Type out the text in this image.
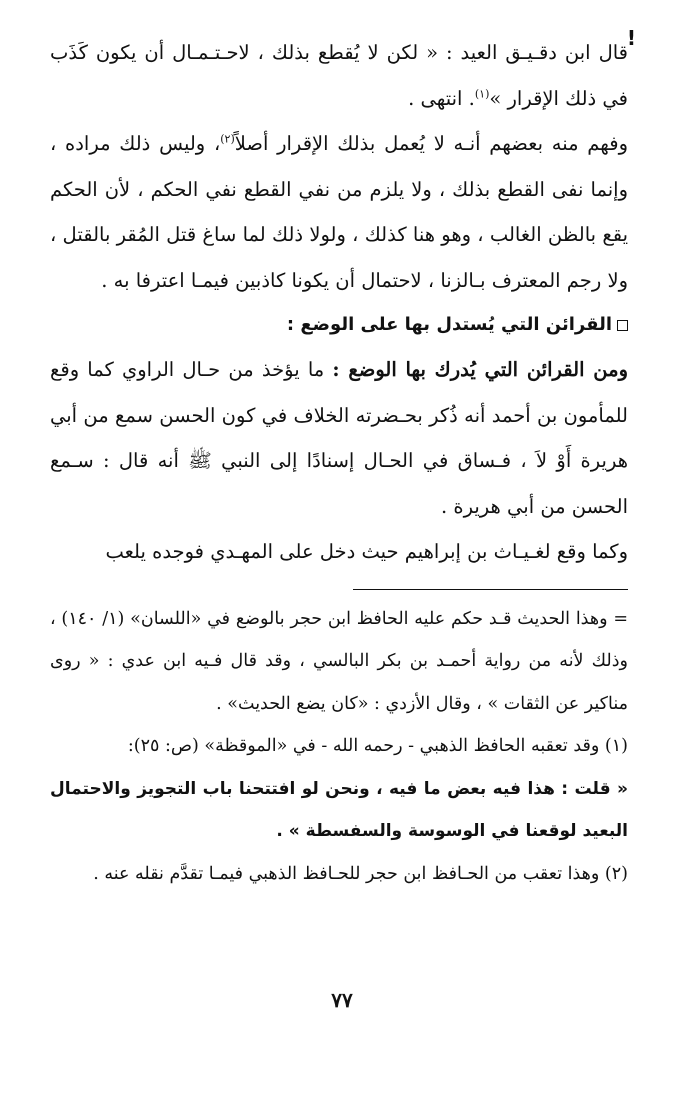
!

قال ابن دقـيـق العيد : « لكن لا يُقطع بذلك ، لاحـتـمـال أن يكون كَذَب في ذلك الإقرار »$^{(١)}$. انتهى .

وفهم منه بعضهم أنـه لا يُعمل بذلك الإقرار أصلاً$^{(٢)}$، وليس ذلك مراده ، وإنما نفى القطع بذلك ، ولا يلزم من نفي القطع نفي الحكم ، لأن الحكم يقع بالظن الغالب ، وهو هنا كذلك ، ولولا ذلك لما ساغ قتل المُقر بالقتل ، ولا رجم المعترف بـالزنا ، لاحتمال أن يكونا كاذبين فيمـا اعترفا به .

القرائن التي يُستدل بها على الوضع :

ومن القرائن التي يُدرك بها الوضع : ما يؤخذ من حـال الراوي كما وقع للمأمون بن أحمد أنه ذُكر بحـضرته الخلاف في كون الحسن سمع من أبي هريرة أَوْ لاَ ، فـساق في الحـال إسنادًا إلى النبي ﷺ أنه قال : سـمع الحسن من أبي هريرة .

وكما وقع لغـيـاث بن إبراهيم حيث دخل على المهـدي فوجده يلعب

= وهذا الحديث قـد حكم عليه الحافظ ابن حجر بالوضع في «اللسان» (١/ ١٤٠) ، وذلك لأنه من رواية أحمـد بن بكر البالسي ، وقد قال فـيه ابن عدي : « روى مناكير عن الثقات » ، وقال الأزدي : «كان يضع الحديث» .

(١) وقد تعقبه الحافظ الذهبي - رحمه الله - في «الموقظة» (ص: ٢٥):

« قلت : هذا فيه بعض ما فيه ، ونحن لو افتتحنا باب التجويز والاحتمال البعيد لوقعنا في الوسوسة والسفسطة » .

(٢) وهذا تعقب من الحـافظ ابن حجر للحـافظ الذهبي فيمـا تقدَّم نقله عنه .

٧٧
